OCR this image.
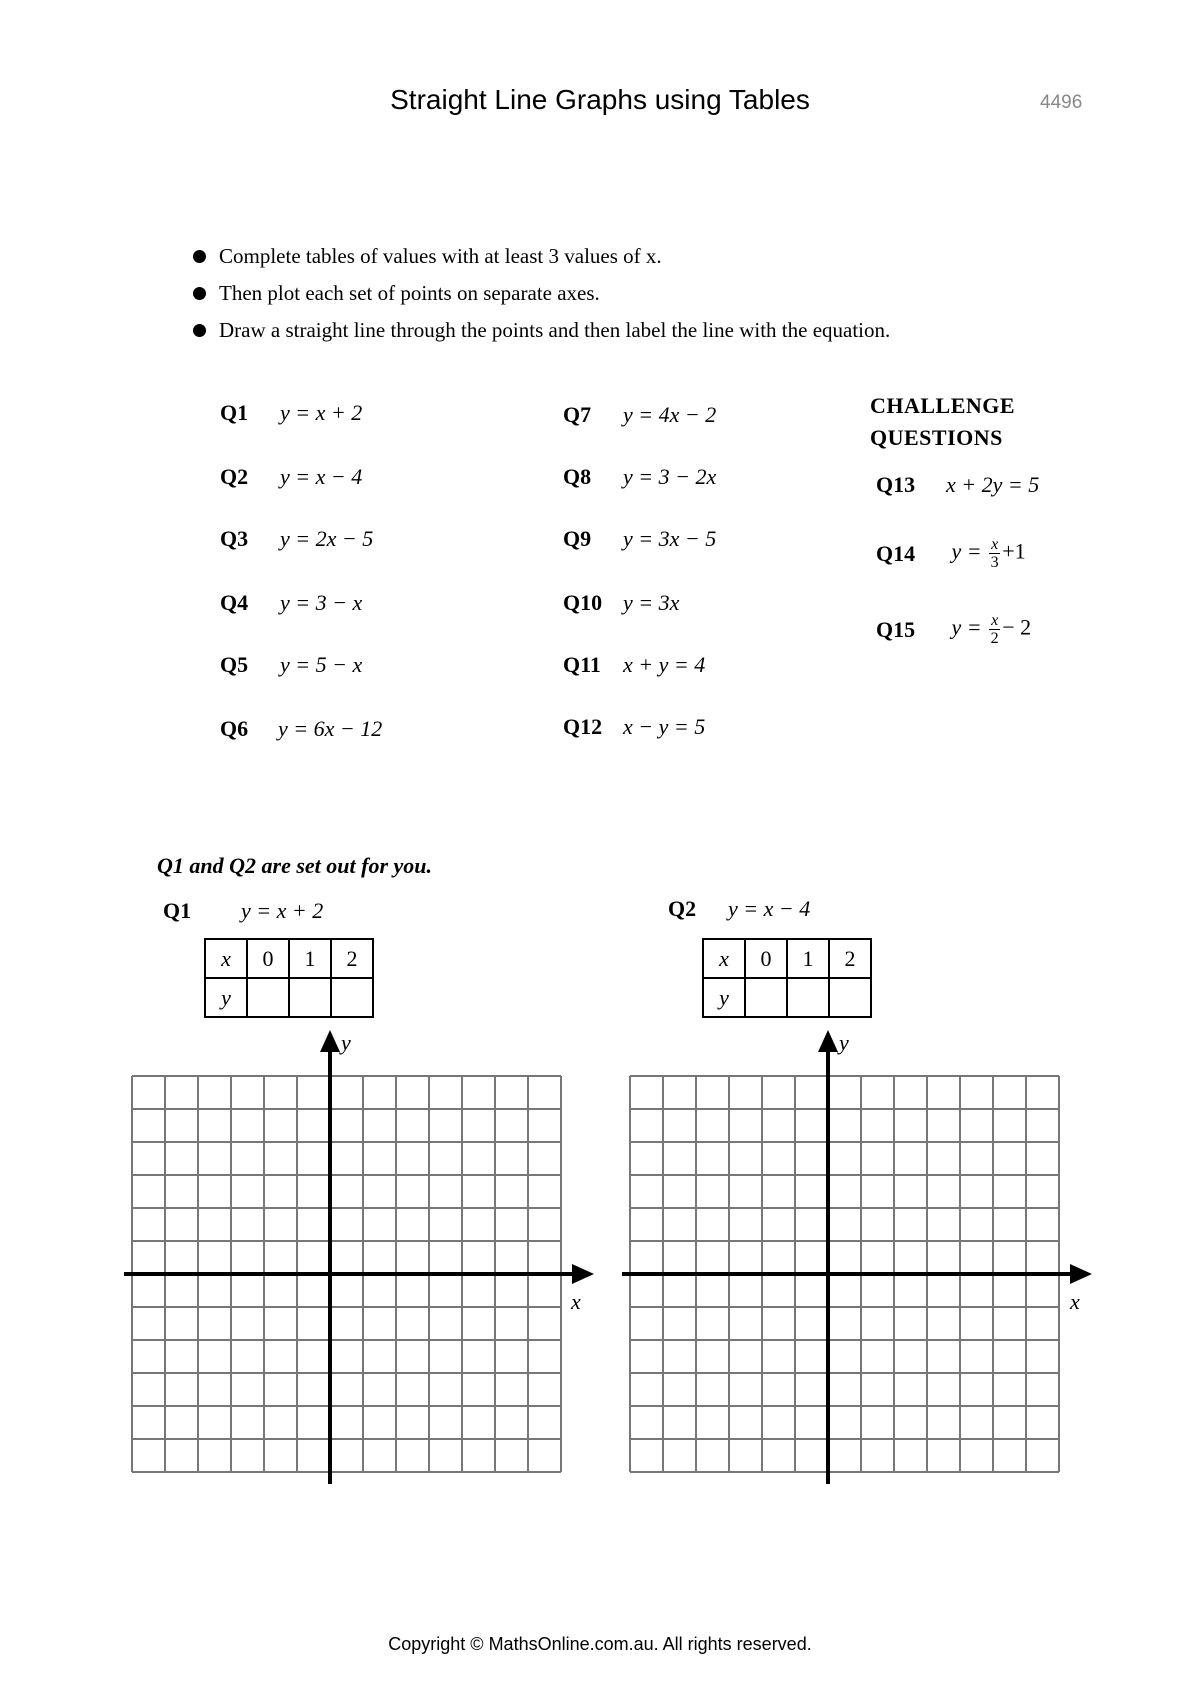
Straight Line Graphs using Tables	4496
Complete tables of values with at least 3 values of x.
Then plot each set of points on separate axes.
Draw a straight line through the points and then label the line with the equation.
Q1 y = x + 2
Q2 y = x − 4
Q3 y = 2x − 5
Q4 y = 3 − x
Q5 y = 5 − x
Q6 y = 6x − 12
Q7 y = 4x − 2
Q8 y = 3 − 2x
Q9 y = 3x − 5
Q10 y = 3x
Q11 x + y = 4
Q12 x − y = 5
CHALLENGE
QUESTIONS
Q13 x + 2y = 5
Q14 $y = \frac{x}{3} +1$
Q15 $y = \frac{x}{2} - 2$
Q1 and Q2 are set out for you.
Q1 y = x + 2
x	0	1	2
y			
y
x
Q2 y = x − 4
x	0	1	2
y			
y
x
Copyright © MathsOnline.com.au. All rights reserved.
